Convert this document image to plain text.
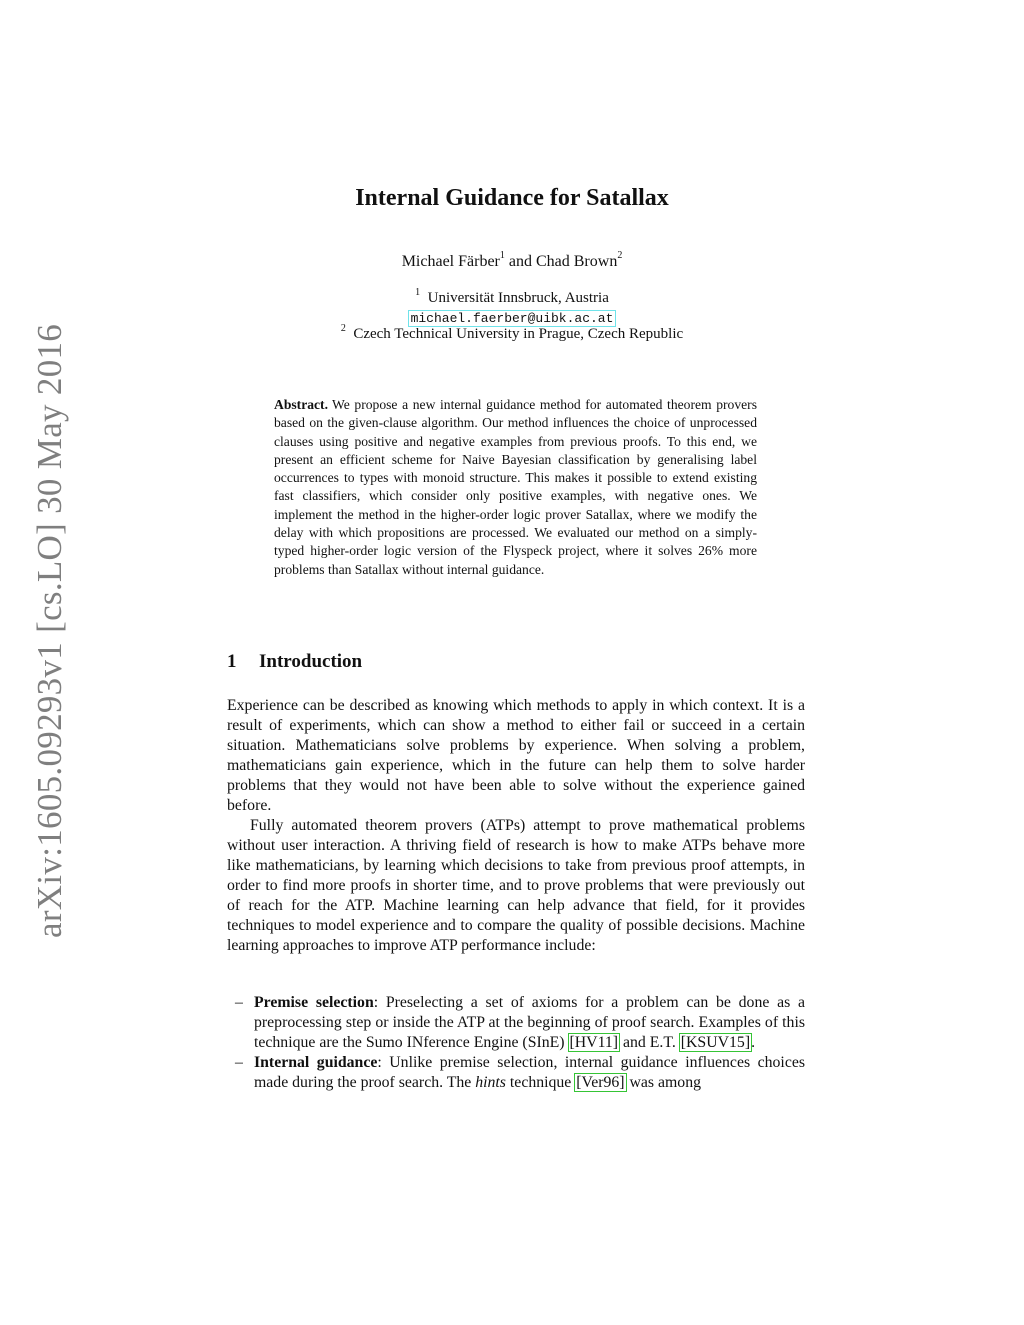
arXiv:1605.09293v1 [cs.LO] 30 May 2016
Internal Guidance for Satallax
Michael Färber$^1$ and Chad Brown$^2$
$^1$ Universität Innsbruck, Austria
michael.faerber@uibk.ac.at
$^2$ Czech Technical University in Prague, Czech Republic

Abstract. We propose a new internal guidance method for automated theorem provers based on the given-clause algorithm. Our method influences the choice of unprocessed clauses using positive and negative examples from previous proofs. To this end, we present an efficient scheme for Naive Bayesian classification by generalising label occurrences to types with monoid structure. This makes it possible to extend existing fast classifiers, which consider only positive examples, with negative ones. We implement the method in the higher-order logic prover Satallax, where we modify the delay with which propositions are processed. We evaluated our method on a simply-typed higher-order logic version of the Flyspeck project, where it solves 26% more problems than Satallax without internal guidance.

1 Introduction

Experience can be described as knowing which methods to apply in which context. It is a result of experiments, which can show a method to either fail or succeed in a certain situation. Mathematicians solve problems by experience. When solving a problem, mathematicians gain experience, which in the future can help them to solve harder problems that they would not have been able to solve without the experience gained before.

Fully automated theorem provers (ATPs) attempt to prove mathematical problems without user interaction. A thriving field of research is how to make ATPs behave more like mathematicians, by learning which decisions to take from previous proof attempts, in order to find more proofs in shorter time, and to prove problems that were previously out of reach for the ATP. Machine learning can help advance that field, for it provides techniques to model experience and to compare the quality of possible decisions. Machine learning approaches to improve ATP performance include:

– Premise selection: Preselecting a set of axioms for a problem can be done as a preprocessing step or inside the ATP at the beginning of proof search. Examples of this technique are the Sumo INference Engine (SInE) [HV11] and E.T. [KSUV15].
– Internal guidance: Unlike premise selection, internal guidance influences choices made during the proof search. The hints technique [Ver96] was among
